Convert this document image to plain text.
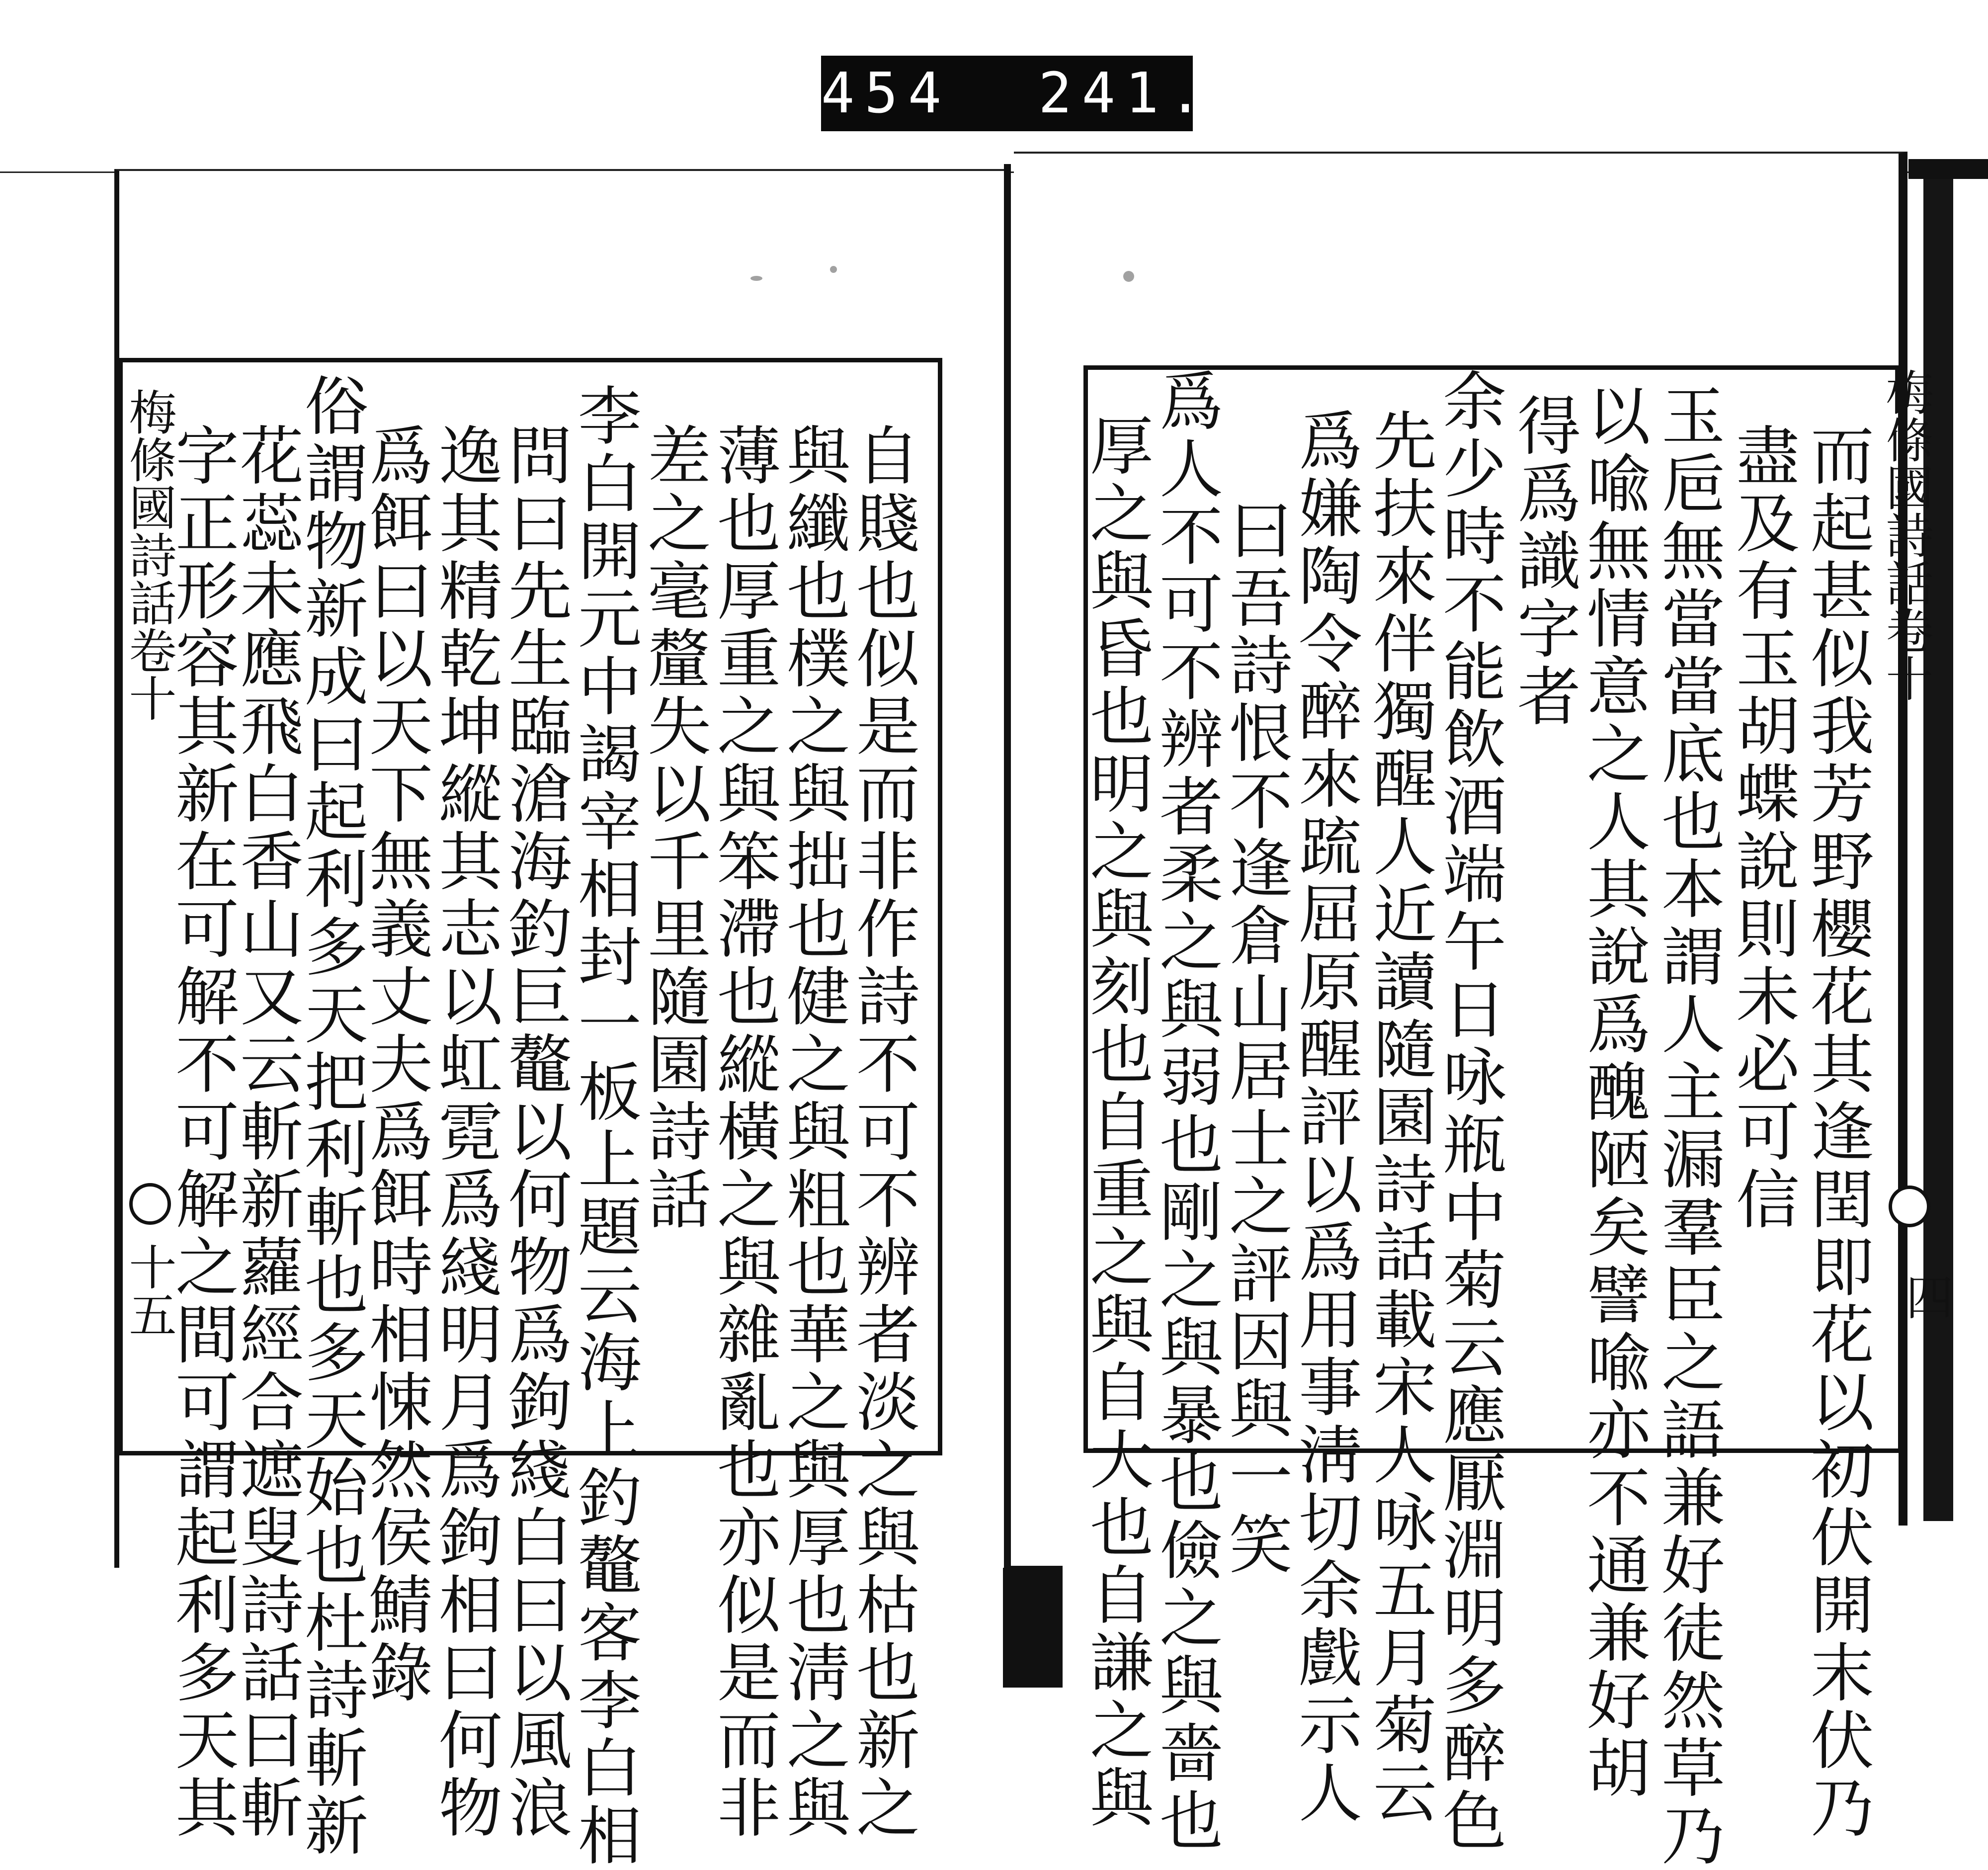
454  241.
梅條國詩話卷十
四
而起甚似我芳野櫻花其逢閏即花以初伏開末伏乃
盡及有玉胡蝶說則未必可信
玉巵無當當底也本謂人主漏羣臣之語兼好徒然草乃
以喩無情意之人其說爲醜陋矣譬喩亦不通兼好胡
得爲識字者
余少時不能飲酒端午日咏瓶中菊云應厭淵明多醉色
先扶來伴獨醒人近讀隨園詩話載宋人咏五月菊云
爲嫌陶令醉來䟽屈原醒評以爲用事淸切余戲示人
曰吾詩恨不逢倉山居士之評因與一笑
爲人不可不辨者柔之與弱也剛之與暴也儉之與嗇也
厚之與昏也明之與刻也自重之與自大也自謙之與
梅條國詩話卷十
十五	自賤也似是而非作詩不可不辨者淡之與枯也新之
與纖也樸之與拙也健之與粗也華之與厚也淸之與
薄也厚重之與笨滯也縱橫之與雜亂也亦似是而非
差之毫釐失以千里隨園詩話
李白開元中謁宰相封一板上題云海上釣鼇客李白相
問曰先生臨滄海釣巨鼇以何物爲鉤綫白曰以風浪
逸其精乾坤縱其志以虹霓爲綫明月爲鉤相曰何物
爲餌曰以天下無義丈夫爲餌時相悚然侯鯖錄
俗謂物新成曰起利多天把利斬也多天始也杜詩斬新
花蕊未應飛白香山又云斬新蘿經合遮叟詩話曰斬
字正形容其新在可解不可解之間可謂起利多天其
